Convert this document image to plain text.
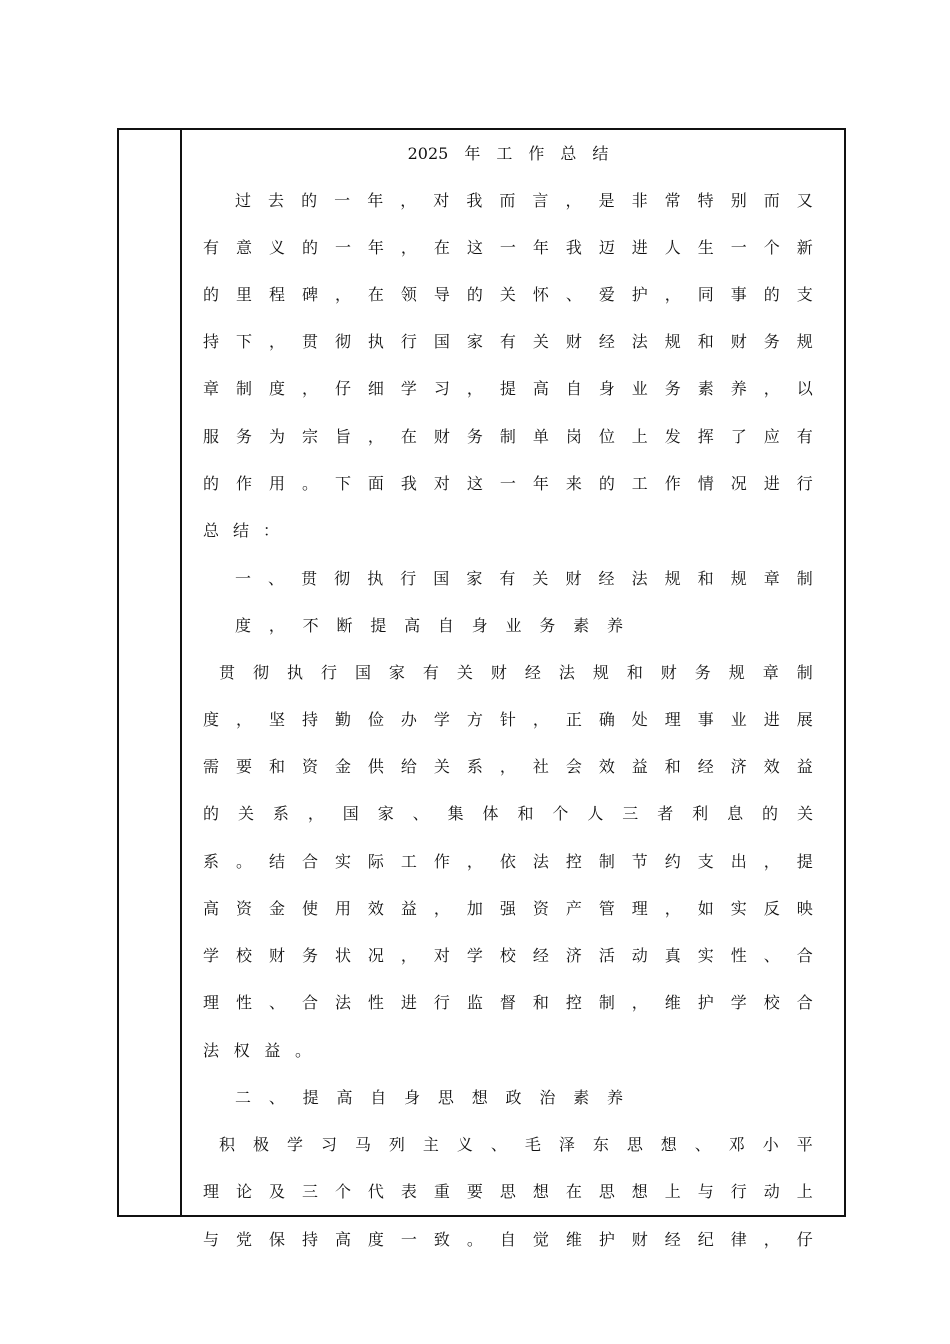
2025 年 工 作 总 结
过 去 的 一 年 ， 对 我 而 言 ， 是 非 常 特 别 而 又
有 意 义 的 一 年 ， 在 这 一 年 我 迈 进 人 生 一 个 新
的 里 程 碑 ， 在 领 导 的 关 怀 、 爱 护 ， 同 事 的 支
持 下 ， 贯 彻 执 行 国 家 有 关 财 经 法 规 和 财 务 规
章 制 度 ， 仔 细 学 习 ， 提 高 自 身 业 务 素 养 ， 以
服 务 为 宗 旨 ， 在 财 务 制 单 岗 位 上 发 挥 了 应 有
的 作 用 。 下 面 我 对 这 一 年 来 的 工 作 情 况 进 行
总 结 ：
一 、 贯 彻 执 行 国 家 有 关 财 经 法 规 和 规 章 制
度 ， 不 断 提 高 自 身 业 务 素 养
贯 彻 执 行 国 家 有 关 财 经 法 规 和 财 务 规 章 制
度 ， 坚 持 勤 俭 办 学 方 针 ， 正 确 处 理 事 业 进 展
需 要 和 资 金 供 给 关 系 ， 社 会 效 益 和 经 济 效 益
的 关 系 ， 国 家 、 集 体 和 个 人 三 者 利 息 的 关
系 。 结 合 实 际 工 作 ， 依 法 控 制 节 约 支 出 ， 提
高 资 金 使 用 效 益 ， 加 强 资 产 管 理 ， 如 实 反 映
学 校 财 务 状 况 ， 对 学 校 经 济 活 动 真 实 性 、 合
理 性 、 合 法 性 进 行 监 督 和 控 制 ， 维 护 学 校 合
法 权 益 。
二 、 提 高 自 身 思 想 政 治 素 养
积 极 学 习 马 列 主 义 、 毛 泽 东 思 想 、 邓 小 平
理 论 及 三 个 代 表 重 要 思 想 在 思 想 上 与 行 动 上
与 党 保 持 高 度 一 致 。 自 觉 维 护 财 经 纪 律 ， 仔
